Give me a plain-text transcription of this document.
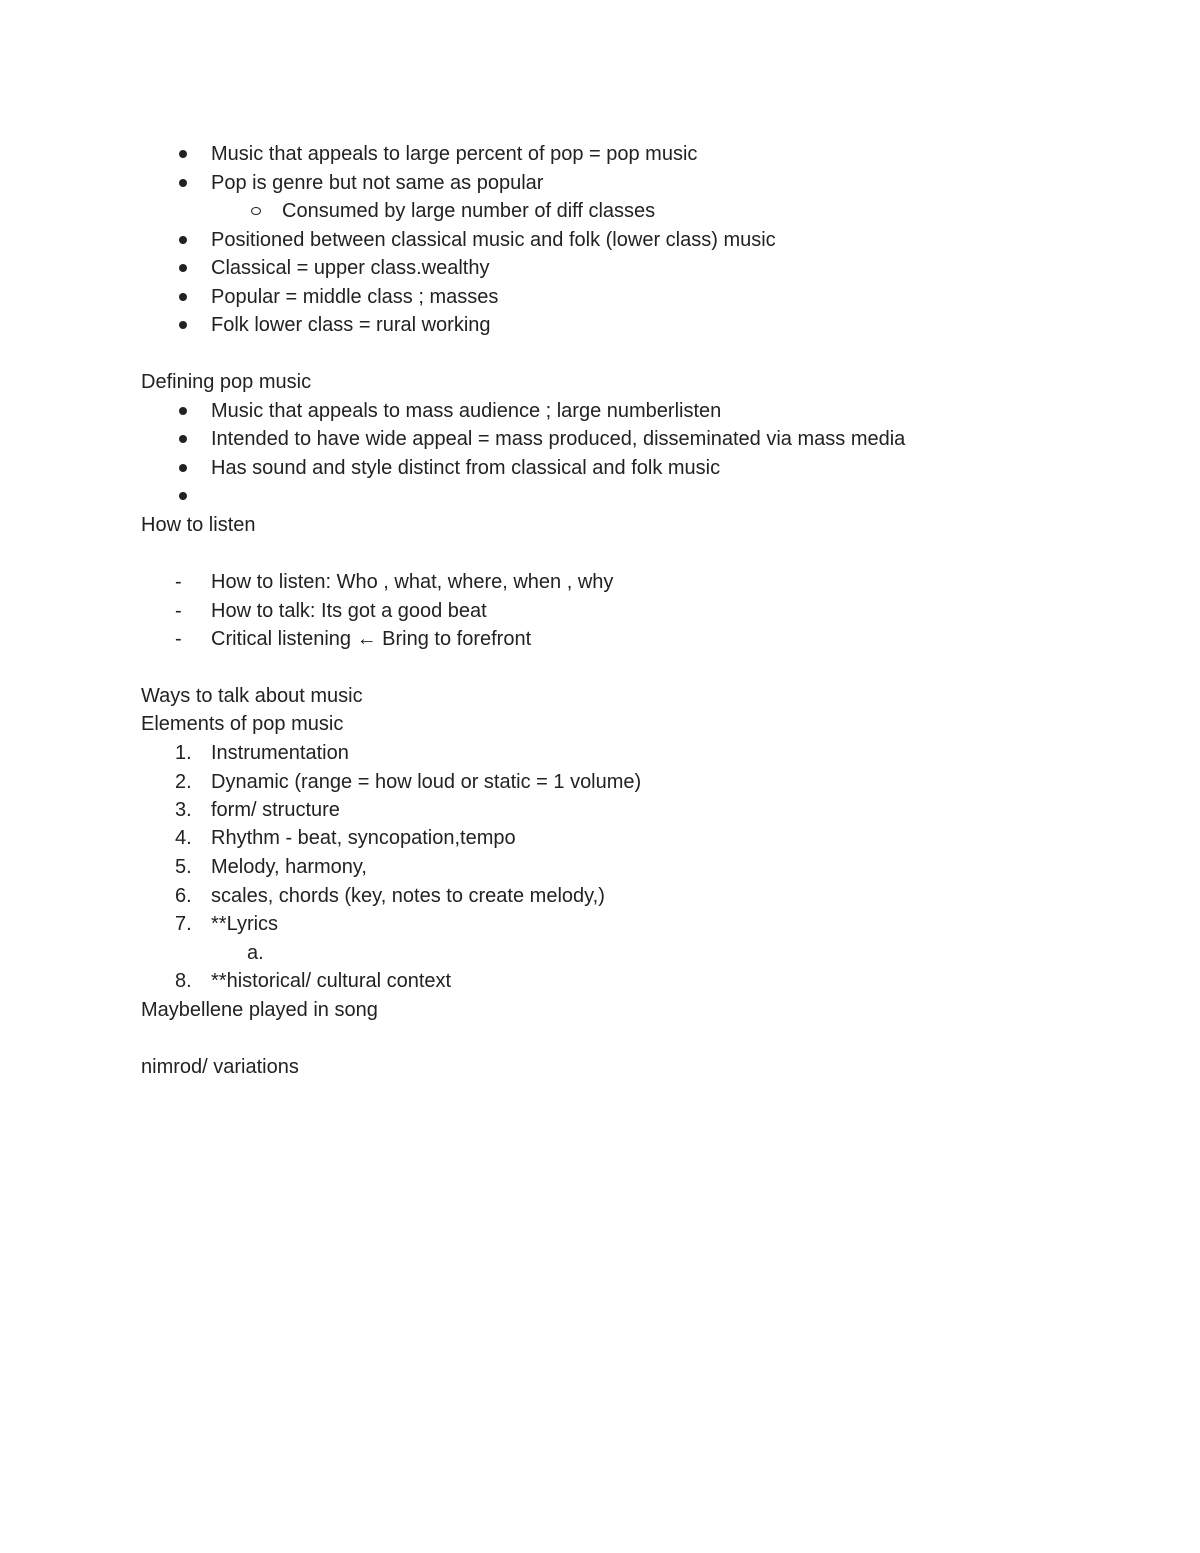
Music that appeals to large percent of pop = pop music
Pop is genre but not same as popular
Consumed by large number of diff classes
Positioned between classical music and folk (lower class) music
Classical = upper class.wealthy
Popular = middle class ; masses
Folk lower class = rural working
Defining pop music
Music that appeals to mass audience ; large numberlisten
Intended to have wide appeal = mass produced, disseminated via mass media
Has sound and style distinct from classical and folk music
How to listen
- How to listen: Who , what, where, when , why
- How to talk: Its got a good beat
- Critical listening ← Bring to forefront
Ways to talk about music
Elements of pop music
1. Instrumentation
2. Dynamic (range = how loud or static = 1 volume)
3. form/ structure
4. Rhythm - beat, syncopation,tempo
5. Melody, harmony,
6. scales, chords (key, notes to create melody,)
7. **Lyrics
a.
8. **historical/ cultural context
Maybellene played in song
nimrod/ variations
